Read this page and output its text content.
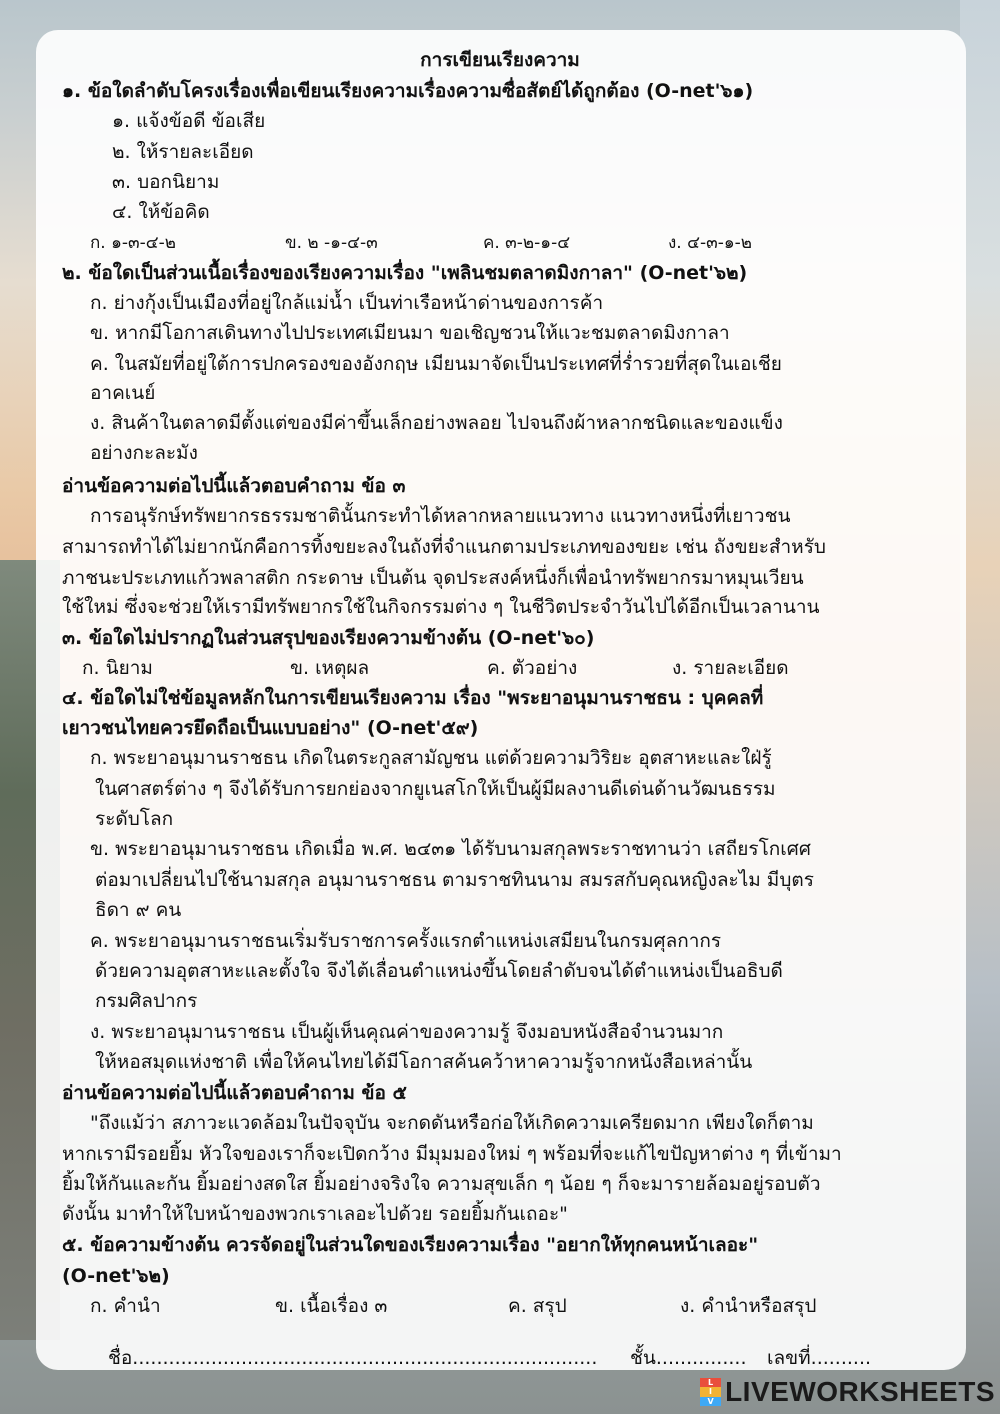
การเขียนเรียงความ
๑. ข้อใดลำดับโครงเรื่องเพื่อเขียนเรียงความเรื่องความซื่อสัตย์ได้ถูกต้อง (O-net'๖๑)
๑. แจ้งข้อดี ข้อเสีย
๒. ให้รายละเอียด
๓. บอกนิยาม
๔. ให้ข้อคิด
ก. ๑-๓-๔-๒	ข. ๒ -๑-๔-๓	ค. ๓-๒-๑-๔	ง. ๔-๓-๑-๒
๒. ข้อใดเป็นส่วนเนื้อเรื่องของเรียงความเรื่อง "เพลินชมตลาดมิงกาลา" (O-net'๖๒)
ก. ย่างกุ้งเป็นเมืองที่อยู่ใกล้แม่น้ำ เป็นท่าเรือหน้าด่านของการค้า
ข. หากมีโอกาสเดินทางไปประเทศเมียนมา ขอเชิญชวนให้แวะชมตลาดมิงกาลา
ค. ในสมัยที่อยู่ใต้การปกครองของอังกฤษ เมียนมาจัดเป็นประเทศที่ร่ำรวยที่สุดในเอเชีย
อาคเนย์
ง. สินค้าในตลาดมีตั้งแต่ของมีค่าขึ้นเล็กอย่างพลอย ไปจนถึงผ้าหลากชนิดและของแข็ง
อย่างกะละมัง
อ่านข้อความต่อไปนี้แล้วตอบคำถาม ข้อ ๓
การอนุรักษ์ทรัพยากรธรรมชาตินั้นกระทำได้หลากหลายแนวทาง แนวทางหนึ่งที่เยาวชน
สามารถทำได้ไม่ยากนักคือการทิ้งขยะลงในถังที่จำแนกตามประเภทของขยะ เช่น ถังขยะสำหรับ
ภาชนะประเภทแก้วพลาสติก กระดาษ เป็นต้น จุดประสงค์หนึ่งก็เพื่อนำทรัพยากรมาหมุนเวียน
ใช้ใหม่ ซึ่งจะช่วยให้เรามีทรัพยากรใช้ในกิจกรรมต่าง ๆ ในชีวิตประจำวันไปได้อีกเป็นเวลานาน
๓. ข้อใดไม่ปรากฏในส่วนสรุปของเรียงความข้างต้น (O-net'๖๐)
ก. นิยาม	ข. เหตุผล	ค. ตัวอย่าง	ง. รายละเอียด
๔. ข้อใดไม่ใช่ข้อมูลหลักในการเขียนเรียงความ เรื่อง "พระยาอนุมานราชธน : บุคคลที่
เยาวชนไทยควรยึดถือเป็นแบบอย่าง" (O-net'๕๙)
ก. พระยาอนุมานราชธน เกิดในตระกูลสามัญชน แต่ด้วยความวิริยะ อุตสาหะและใฝ่รู้
ในศาสตร์ต่าง ๆ จึงได้รับการยกย่องจากยูเนสโกให้เป็นผู้มีผลงานดีเด่นด้านวัฒนธรรม
ระดับโลก
ข. พระยาอนุมานราชธน เกิดเมื่อ พ.ศ. ๒๔๓๑ ได้รับนามสกุลพระราชทานว่า เสถียรโกเศศ
ต่อมาเปลี่ยนไปใช้นามสกุล อนุมานราชธน ตามราชทินนาม สมรสกับคุณหญิงละไม มีบุตร
ธิดา ๙ คน
ค. พระยาอนุมานราชธนเริ่มรับราชการครั้งแรกตำแหน่งเสมียนในกรมศุลกากร
ด้วยความอุตสาหะและตั้งใจ จึงไต้เลื่อนตำแหน่งขึ้นโดยลำดับจนได้ตำแหน่งเป็นอธิบดี
กรมศิลปากร
ง. พระยาอนุมานราชธน เป็นผู้เห็นคุณค่าของความรู้ จึงมอบหนังสือจำนวนมาก
ให้หอสมุดแห่งชาติ เพื่อให้คนไทยได้มีโอกาสค้นคว้าหาความรู้จากหนังสือเหล่านั้น
อ่านข้อความต่อไปนี้แล้วตอบคำถาม ข้อ ๕
"ถึงแม้ว่า สภาวะแวดล้อมในปัจจุบัน จะกดดันหรือก่อให้เกิดความเครียดมาก เพียงใดก็ตาม
หากเรามีรอยยิ้ม หัวใจของเราก็จะเปิดกว้าง มีมุมมองใหม่ ๆ พร้อมที่จะแก้ไขปัญหาต่าง ๆ ที่เข้ามา
ยิ้มให้กันและกัน ยิ้มอย่างสดใส ยิ้มอย่างจริงใจ ความสุขเล็ก ๆ น้อย ๆ ก็จะมารายล้อมอยู่รอบตัว
ดังนั้น มาทำให้ใบหน้าของพวกเราเลอะไปด้วย รอยยิ้มกันเถอะ"
๕. ข้อความข้างต้น ควรจัดอยู่ในส่วนใดของเรียงความเรื่อง "อยากให้ทุกคนหน้าเลอะ"
(O-net'๖๒)
ก. คำนำ	ข. เนื้อเรื่อง ๓	ค. สรุป	ง. คำนำหรือสรุป
ชื่อ............................................................................. ชั้น............... เลขที่..........
L
I
V LIVEWORKSHEETS
